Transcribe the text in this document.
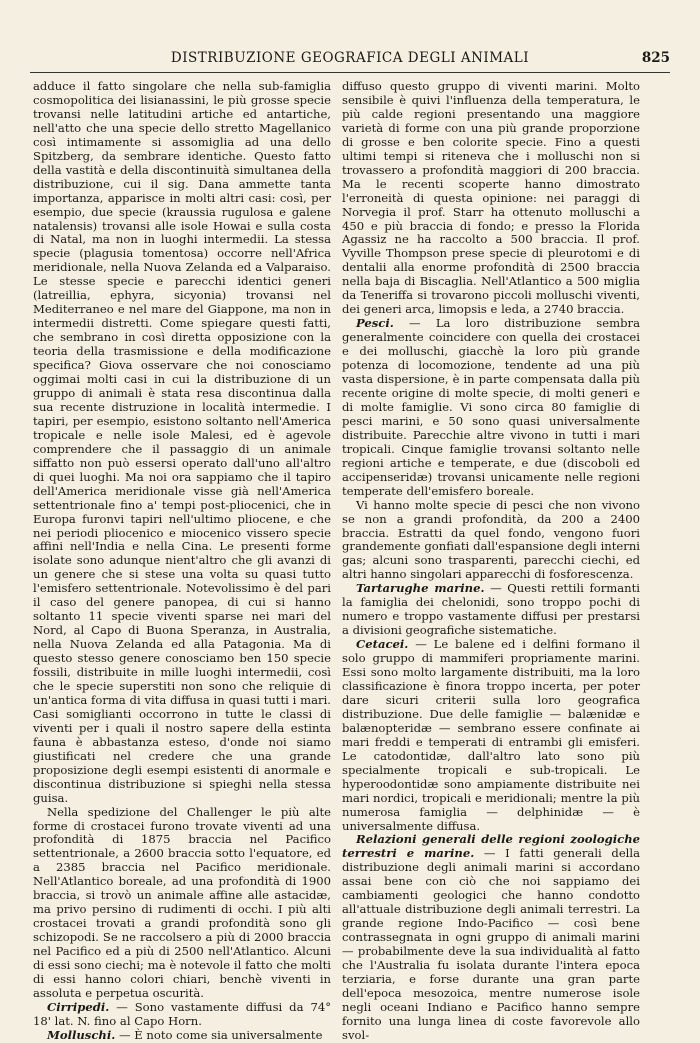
DISTRIBUZIONE GEOGRAFICA DEGLI ANIMALI	825

adduce il fatto singolare che nella sub-famiglia cosmopolitica dei lisianassini, le più grosse specie trovansi nelle latitudini artiche ed antartiche, nell'atto che una specie dello stretto Magellanico così intimamente si assomiglia ad una dello Spitzberg, da sembrare identiche. Questo fatto della vastità e della discontinuità simultanea della distribuzione, cui il sig. Dana ammette tanta importanza, apparisce in molti altri casi: così, per esempio, due specie (kraussia rugulosa e galene natalensis) trovansi alle isole Howai e sulla costa di Natal, ma non in luoghi intermedii. La stessa specie (plagusia tomentosa) occorre nell'Africa meridionale, nella Nuova Zelanda ed a Valparaiso. Le stesse specie e parecchi identici generi (latreillia, ephyra, sicyonia) trovansi nel Mediterraneo e nel mare del Giappone, ma non in intermedii distretti. Come spiegare questi fatti, che sembrano in così diretta opposizione con la teoria della trasmissione e della modificazione specifica? Giova osservare che noi conosciamo oggimai molti casi in cui la distribuzione di un gruppo di animali è stata resa discontinua dalla sua recente distruzione in località intermedie. I tapiri, per esempio, esistono soltanto nell'America tropicale e nelle isole Malesi, ed è agevole comprendere che il passaggio di un animale siffatto non può essersi operato dall'uno all'altro di quei luoghi. Ma noi ora sappiamo che il tapiro dell'America meridionale visse già nell'America settentrionale fino a' tempi post-pliocenici, che in Europa furonvi tapiri nell'ultimo pliocene, e che nei periodi pliocenico e miocenico vissero specie affini nell'India e nella Cina. Le presenti forme isolate sono adunque nient'altro che gli avanzi di un genere che si stese una volta su quasi tutto l'emisfero settentrionale. Notevolissimo è del pari il caso del genere panopea, di cui si hanno soltanto 11 specie viventi sparse nei mari del Nord, al Capo di Buona Speranza, in Australia, nella Nuova Zelanda ed alla Patagonia. Ma di questo stesso genere conosciamo ben 150 specie fossili, distribuite in mille luoghi intermedii, così che le specie superstiti non sono che reliquie di un'antica forma di vita diffusa in quasi tutti i mari. Casi somiglianti occorrono in tutte le classi di viventi per i quali il nostro sapere della estinta fauna è abbastanza esteso, d'onde noi siamo giustificati nel credere che una grande proposizione degli esempi esistenti di anormale e discontinua distribuzione si spieghi nella stessa guisa.

Nella spedizione del Challenger le più alte forme di crostacei furono trovate viventi ad una profondità di 1875 braccia nel Pacifico settentrionale, a 2600 braccia sotto l'equatore, ed a 2385 braccia nel Pacifico meridionale. Nell'Atlantico boreale, ad una profondità di 1900 braccia, si trovò un animale affine alle astacidæ, ma privo persino di rudimenti di occhi. I più alti crostacei trovati a grandi profondità sono gli schizopodi. Se ne raccolsero a più di 2000 braccia nel Pacifico ed a più di 2500 nell'Atlantico. Alcuni di essi sono ciechi; ma è notevole il fatto che molti di essi hanno colori chiari, benchè viventi in assoluta e perpetua oscurità.

Cirripedi. — Sono vastamente diffusi da 74° 18' lat. N. fino al Capo Horn.

Molluschi. — È noto come sia universalmente

diffuso questo gruppo di viventi marini. Molto sensibile è quivi l'influenza della temperatura, le più calde regioni presentando una maggiore varietà di forme con una più grande proporzione di grosse e ben colorite specie. Fino a questi ultimi tempi si riteneva che i molluschi non si trovassero a profondità maggiori di 200 braccia. Ma le recenti scoperte hanno dimostrato l'erroneità di questa opinione: nei paraggi di Norvegia il prof. Starr ha ottenuto molluschi a 450 e più braccia di fondo; e presso la Florida Agassiz ne ha raccolto a 500 braccia. Il prof. Vyville Thompson prese specie di pleurotomi e di dentalii alla enorme profondità di 2500 braccia nella baja di Biscaglia. Nell'Atlantico a 500 miglia da Teneriffa si trovarono piccoli molluschi viventi, dei generi arca, limopsis e leda, a 2740 braccia.

Pesci. — La loro distribuzione sembra generalmente coincidere con quella dei crostacei e dei molluschi, giacchè la loro più grande potenza di locomozione, tendente ad una più vasta dispersione, è in parte compensata dalla più recente origine di molte specie, di molti generi e di molte famiglie. Vi sono circa 80 famiglie di pesci marini, e 50 sono quasi universalmente distribuite. Parecchie altre vivono in tutti i mari tropicali. Cinque famiglie trovansi soltanto nelle regioni artiche e temperate, e due (discoboli ed accipenseridæ) trovansi unicamente nelle regioni temperate dell'emisfero boreale.

Vi hanno molte specie di pesci che non vivono se non a grandi profondità, da 200 a 2400 braccia. Estratti da quel fondo, vengono fuori grandemente gonfiati dall'espansione degli interni gas; alcuni sono trasparenti, parecchi ciechi, ed altri hanno singolari apparecchi di fosforescenza.

Tartarughe marine. — Questi rettili formanti la famiglia dei chelonidi, sono troppo pochi di numero e troppo vastamente diffusi per prestarsi a divisioni geografiche sistematiche.

Cetacei. — Le balene ed i delfini formano il solo gruppo di mammiferi propriamente marini. Essi sono molto largamente distribuiti, ma la loro classificazione è finora troppo incerta, per poter dare sicuri criterii sulla loro geografica distribuzione. Due delle famiglie — balænidæ e balænopteridæ — sembrano essere confinate ai mari freddi e temperati di entrambi gli emisferi. Le catodontidæ, dall'altro lato sono più specialmente tropicali e sub-tropicali. Le hyperoodontidæ sono ampiamente distribuite nei mari nordici, tropicali e meridionali; mentre la più numerosa famiglia — delphinidæ — è universalmente diffusa.

Relazioni generali delle regioni zoologiche terrestri e marine. — I fatti generali della distribuzione degli animali marini si accordano assai bene con ciò che noi sappiamo dei cambiamenti geologici che hanno condotto all'attuale distribuzione degli animali terrestri. La grande regione Indo-Pacifico — così bene contrassegnata in ogni gruppo di animali marini — probabilmente deve la sua individualità al fatto che l'Australia fu isolata durante l'intera epoca terziaria, e forse durante una gran parte dell'epoca mesozoica, mentre numerose isole negli oceani Indiano e Pacifico hanno sempre fornito una lunga linea di coste favorevole allo svol-
